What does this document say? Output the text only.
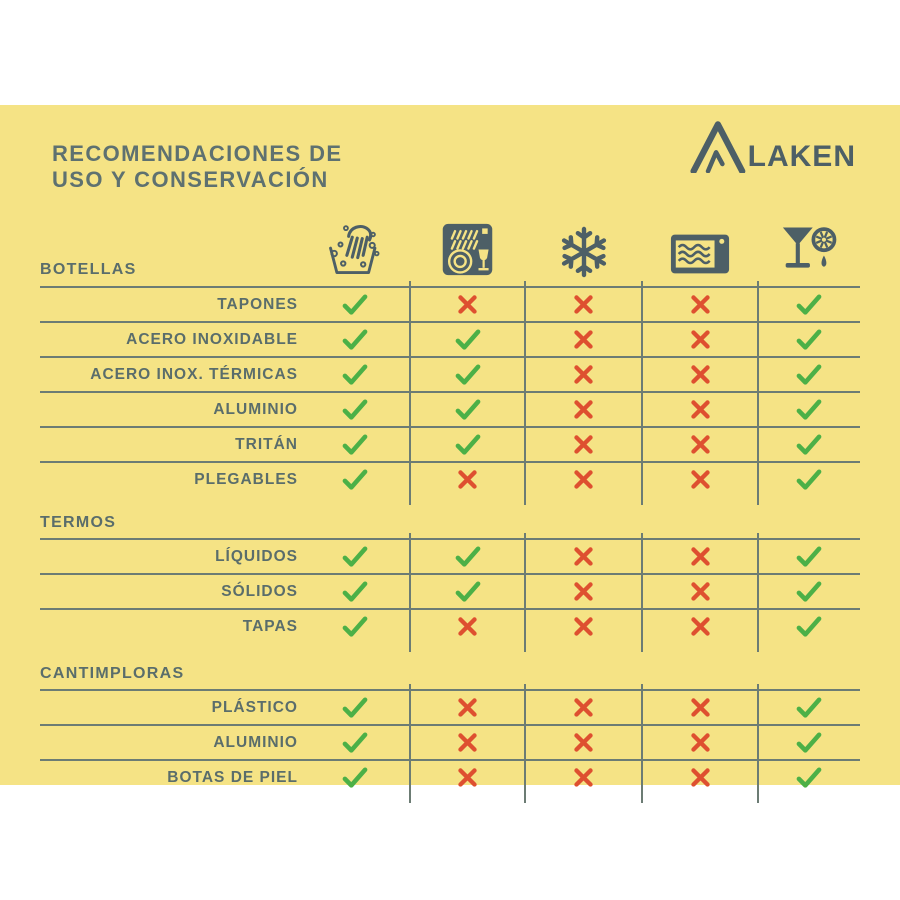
RECOMENDACIONES DE
USO Y CONSERVACIÓN
LAKEN
BOTELLAS
TAPONES
ACERO INOXIDABLE
ACERO INOX. TÉRMICAS
ALUMINIO
TRITÁN
PLEGABLES
TERMOS
LÍQUIDOS
SÓLIDOS
TAPAS
CANTIMPLORAS
PLÁSTICO
ALUMINIO
BOTAS DE PIEL
